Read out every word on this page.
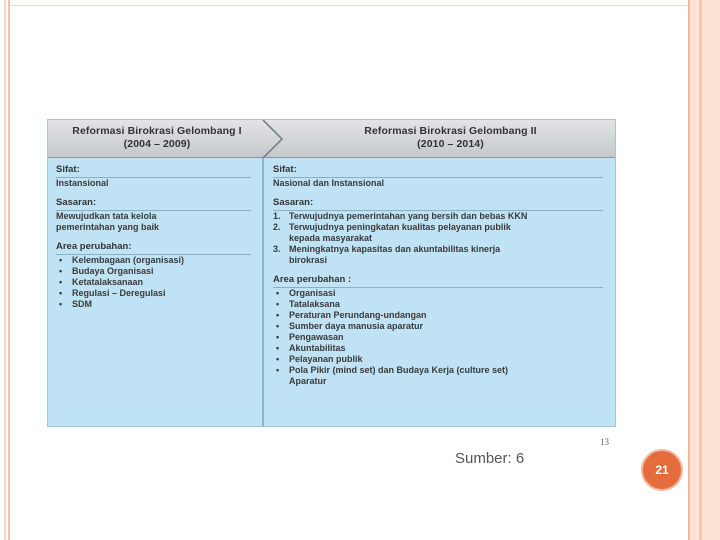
Reformasi Birokrasi Gelombang I
(2004 – 2009)
Reformasi Birokrasi Gelombang II
(2010 – 2014)
Sifat:
Instansional
Sasaran:
Mewujudkan tata kelola
pemerintahan yang baik
Area perubahan:
• Kelembagaan (organisasi)
• Budaya Organisasi
• Ketatalaksanaan
• Regulasi – Deregulasi
• SDM
Sifat:
Nasional dan Instansional
Sasaran:
1. Terwujudnya pemerintahan yang bersih dan bebas KKN
2. Terwujudnya peningkatan kualitas pelayanan publik
kepada masyarakat
3. Meningkatnya kapasitas dan akuntabilitas kinerja
birokrasi
Area perubahan :
• Organisasi
• Tatalaksana
• Peraturan Perundang-undangan
• Sumber daya manusia aparatur
• Pengawasan
• Akuntabilitas
• Pelayanan publik
• Pola Pikir (mind set) dan Budaya Kerja (culture set)
Aparatur
13
Sumber: 6
21
